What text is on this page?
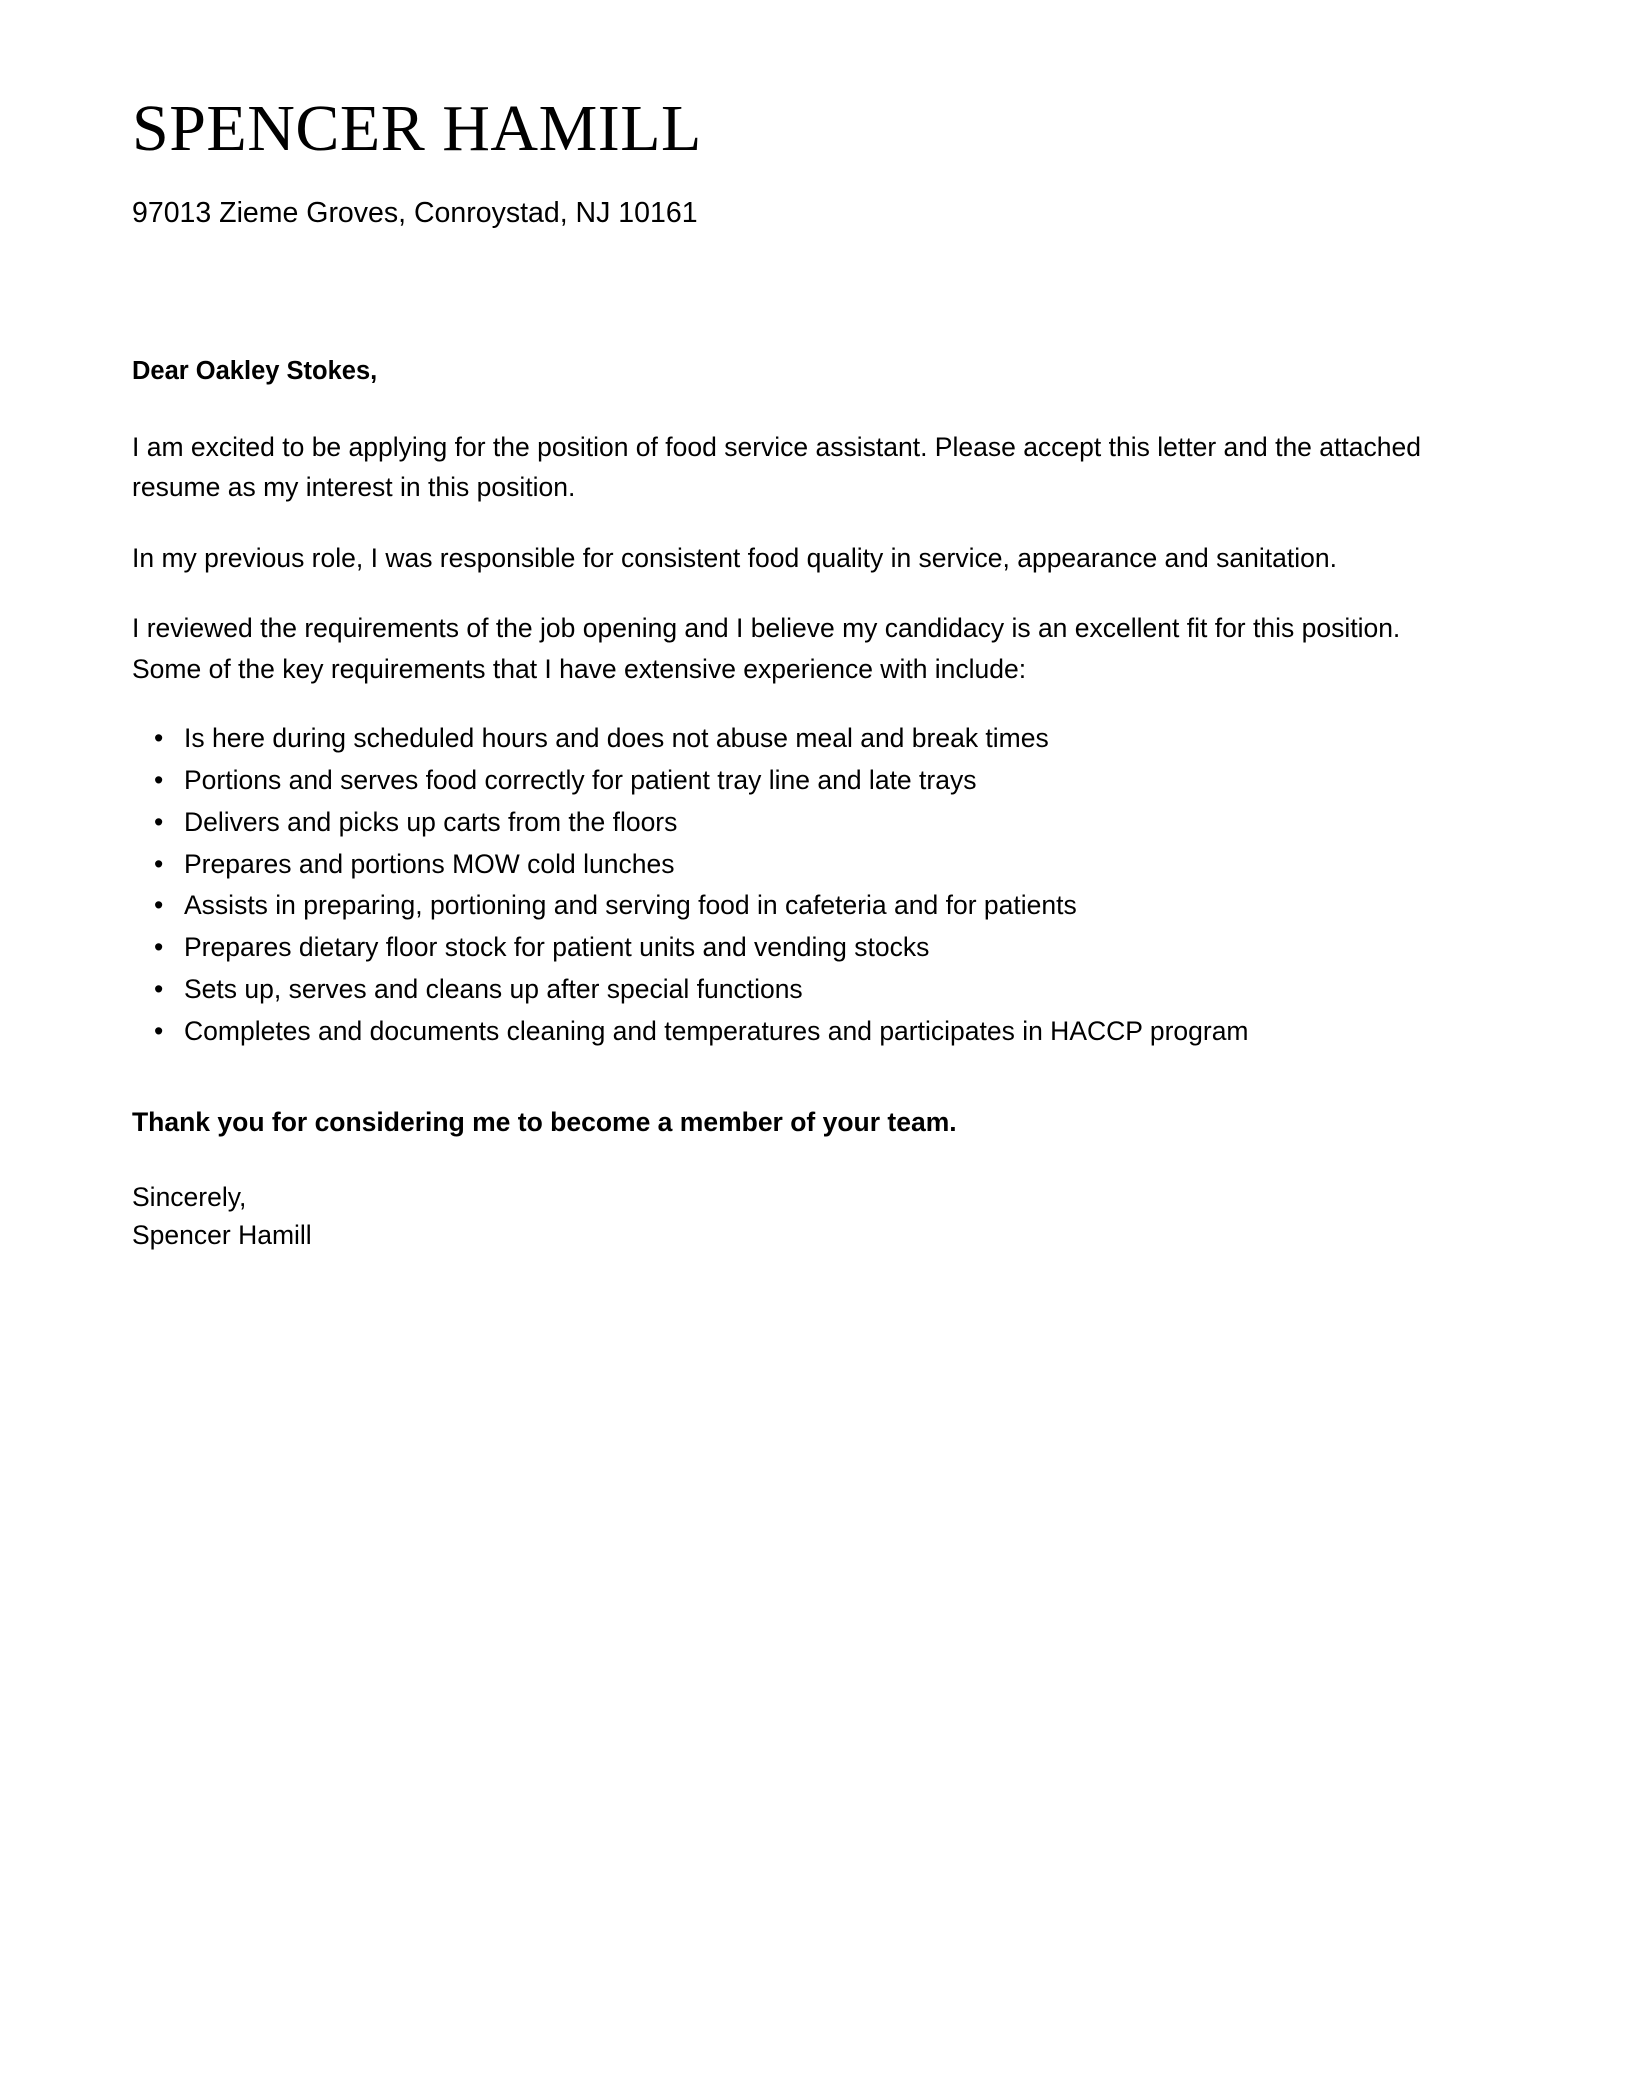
SPENCER HAMILL
97013 Zieme Groves, Conroystad, NJ 10161

Dear Oakley Stokes,

I am excited to be applying for the position of food service assistant. Please accept this letter and the attached resume as my interest in this position.

In my previous role, I was responsible for consistent food quality in service, appearance and sanitation.

I reviewed the requirements of the job opening and I believe my candidacy is an excellent fit for this position. Some of the key requirements that I have extensive experience with include:

• Is here during scheduled hours and does not abuse meal and break times
• Portions and serves food correctly for patient tray line and late trays
• Delivers and picks up carts from the floors
• Prepares and portions MOW cold lunches
• Assists in preparing, portioning and serving food in cafeteria and for patients
• Prepares dietary floor stock for patient units and vending stocks
• Sets up, serves and cleans up after special functions
• Completes and documents cleaning and temperatures and participates in HACCP program

Thank you for considering me to become a member of your team.

Sincerely,
Spencer Hamill
